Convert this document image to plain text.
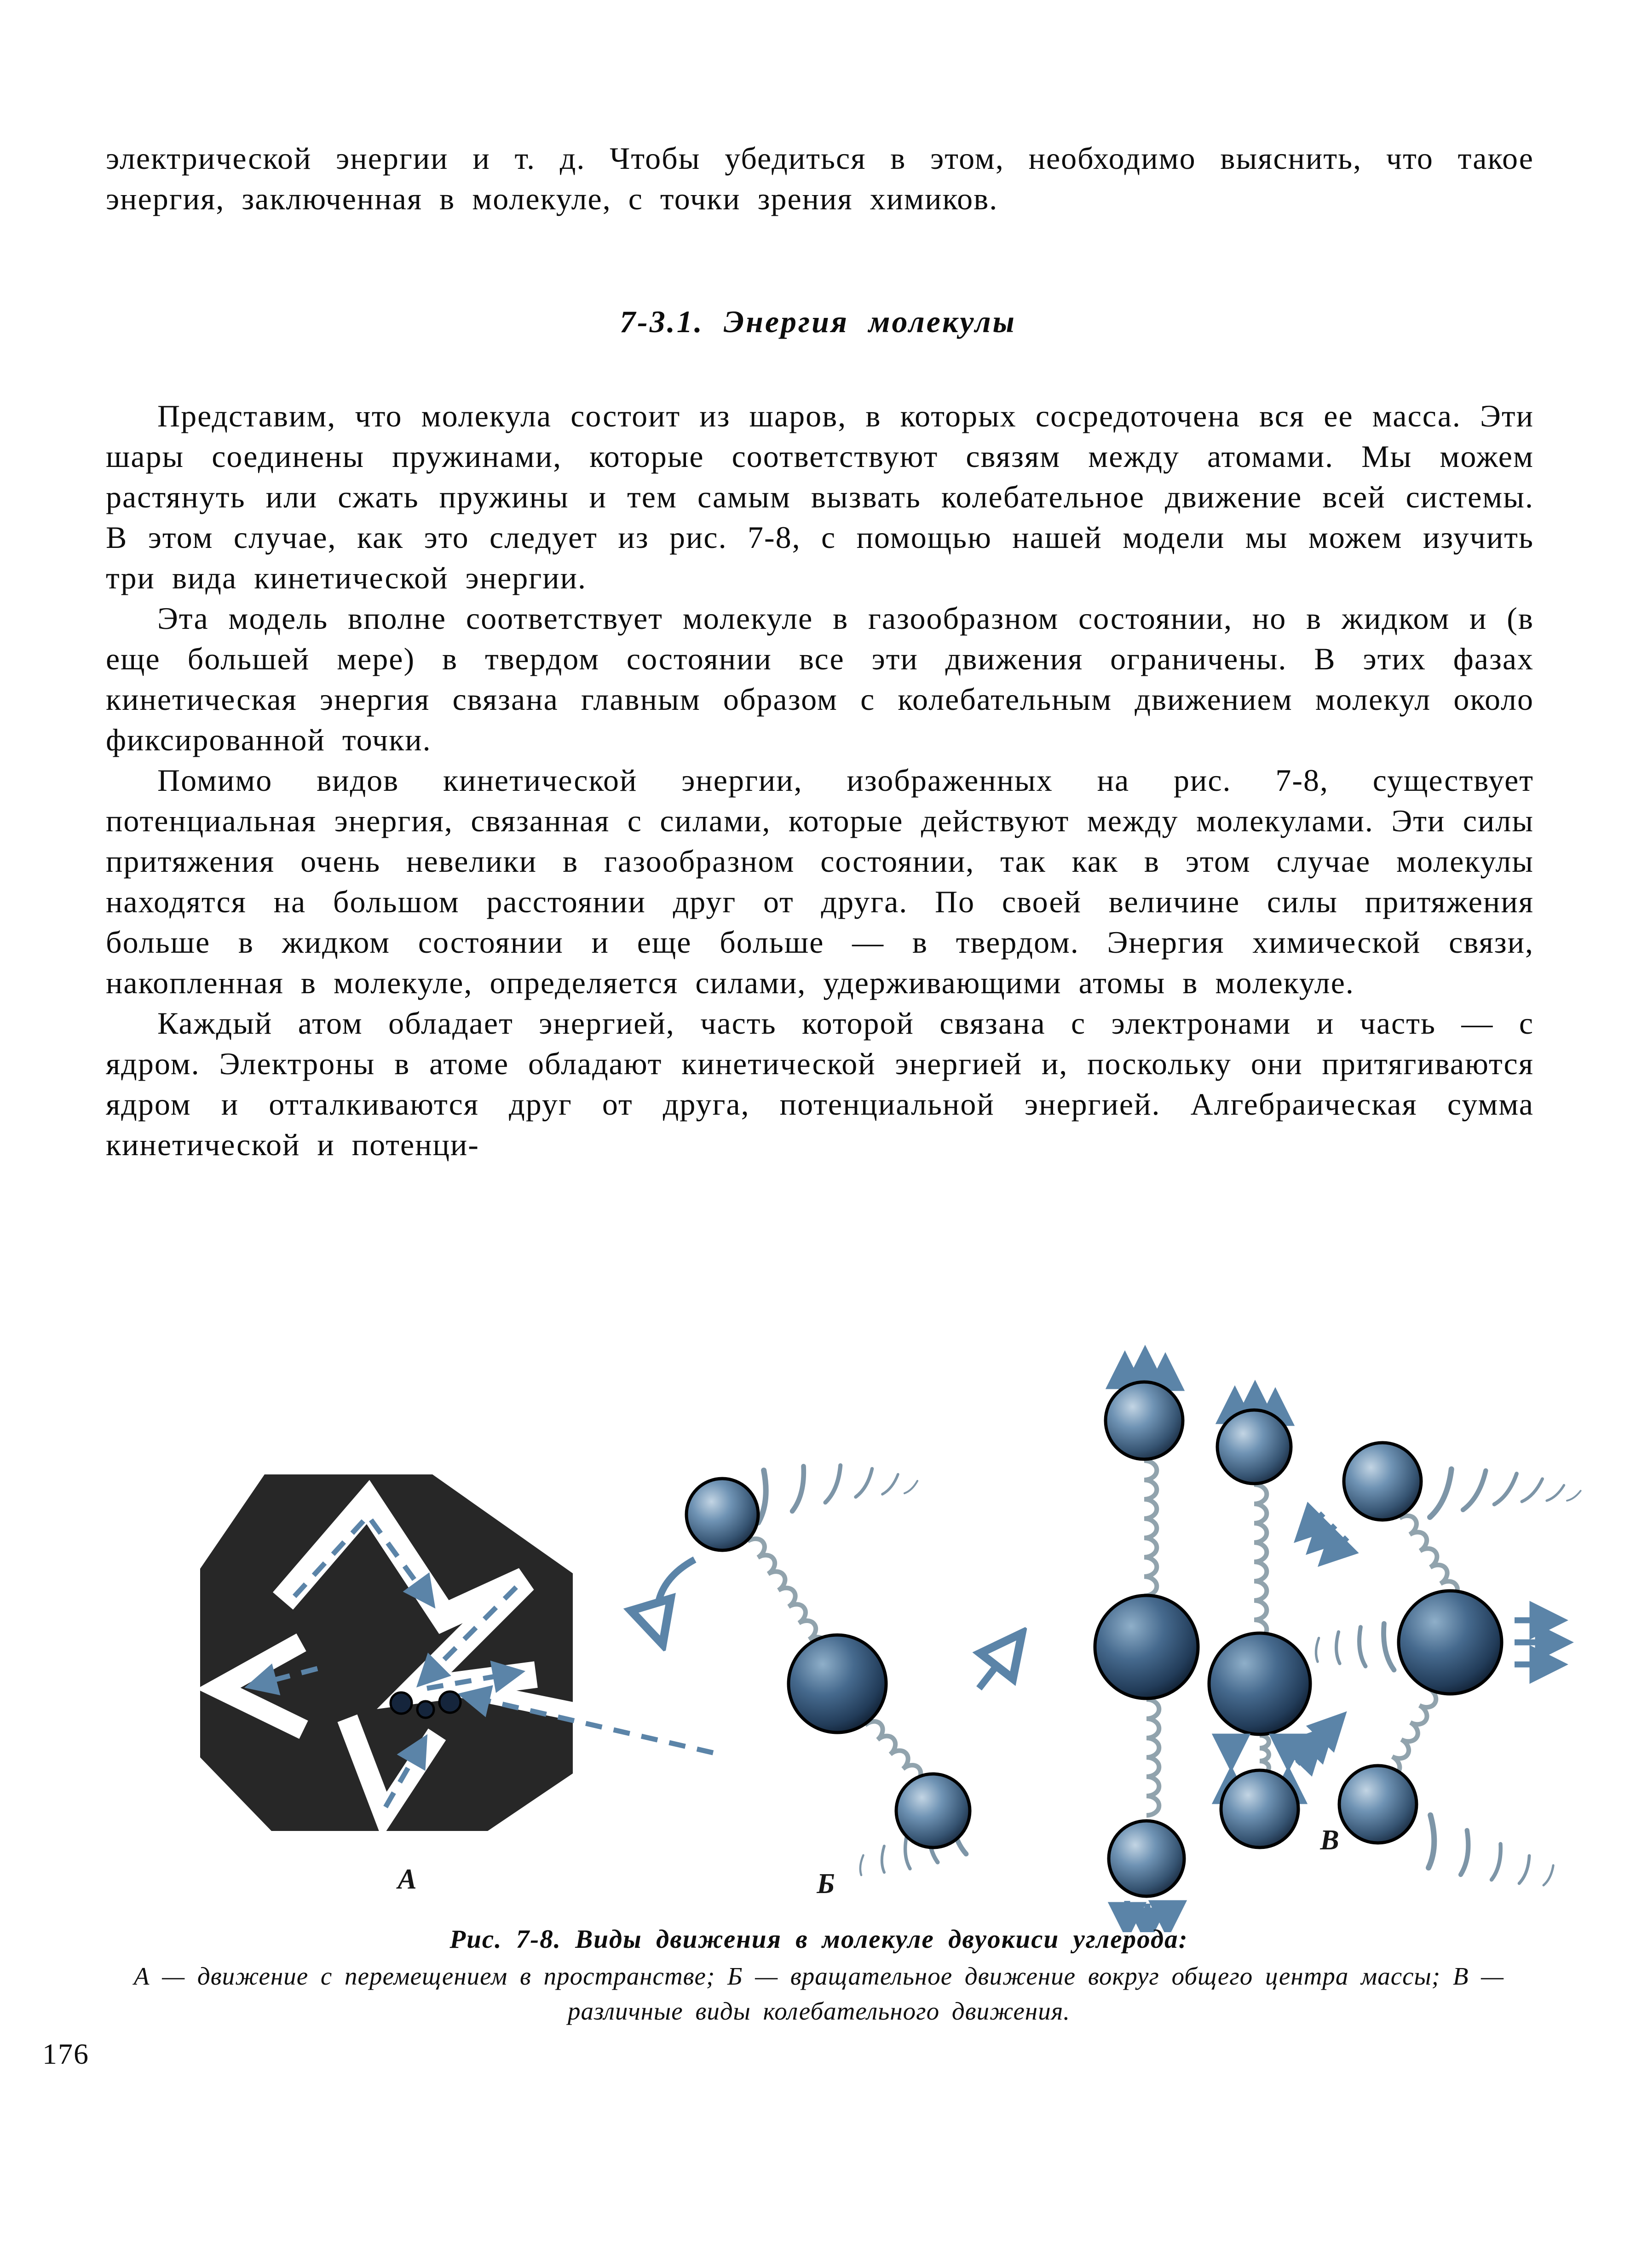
электрической энергии и т. д. Чтобы убедиться в этом, необходимо выяснить, что такое энергия, заключенная в молекуле, с точки зрения химиков.

7-3.1. Энергия молекулы

Представим, что молекула состоит из шаров, в которых сосредоточена вся ее масса. Эти шары соединены пружинами, которые соответствуют связям между атомами. Мы можем растянуть или сжать пружины и тем самым вызвать колебательное движение всей системы. В этом случае, как это следует из рис. 7-8, с помощью нашей модели мы можем изучить три вида кинетической энергии.

Эта модель вполне соответствует молекуле в газообразном состоянии, но в жидком и (в еще большей мере) в твердом состоянии все эти движения ограничены. В этих фазах кинетическая энергия связана главным образом с колебательным движением молекул около фиксированной точки.

Помимо видов кинетической энергии, изображенных на рис. 7-8, существует потенциальная энергия, связанная с силами, которые действуют между молекулами. Эти силы притяжения очень невелики в газообразном состоянии, так как в этом случае молекулы находятся на большом расстоянии друг от друга. По своей величине силы притяжения больше в жидком состоянии и еще больше — в твердом. Энергия химической связи, накопленная в молекуле, определяется силами, удерживающими атомы в молекуле.

Каждый атом обладает энергией, часть которой связана с электронами и часть — с ядром. Электроны в атоме обладают кинетической энергией и, поскольку они притягиваются ядром и отталкиваются друг от друга, потенциальной энергией. Алгебраическая сумма кинетической и потенци-

А	Б
В

Рис. 7-8. Виды движения в молекуле двуокиси углерода:

А — движение с перемещением в пространстве; Б — вращательное движение вокруг общего центра массы; В — различные виды колебательного движения.

176
